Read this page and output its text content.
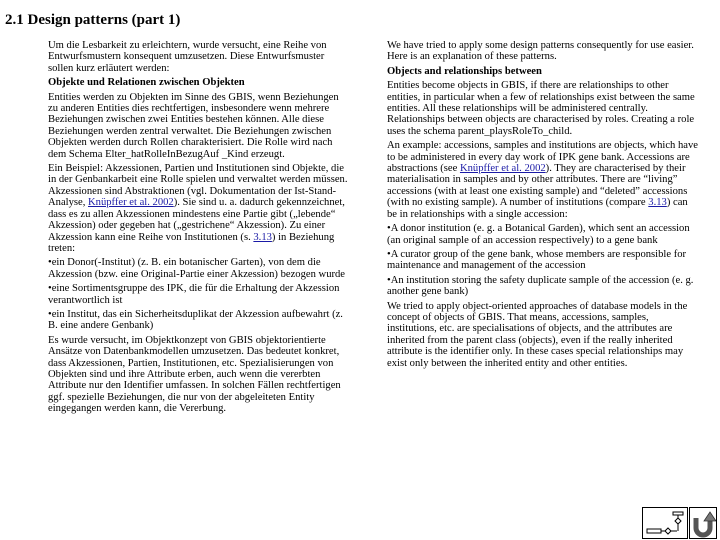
2.1 Design patterns (part 1)

Um die Lesbarkeit zu erleichtern, wurde versucht, eine Reihe von Entwurfsmustern konsequent umzusetzen. Diese Entwurfsmuster sollen kurz erläutert werden:

Objekte und Relationen zwischen Objekten

Entities werden zu Objekten im Sinne des GBIS, wenn Beziehungen zu anderen Entities dies rechtfertigen, insbesondere wenn mehrere Beziehungen zwischen zwei Entities bestehen können. Alle diese Beziehungen werden zentral verwaltet. Die Beziehungen zwischen Objekten werden durch Rollen charakterisiert. Die Rolle wird nach dem Schema Elter_hatRolleInBezugAuf _Kind erzeugt.

Ein Beispiel: Akzessionen, Partien und Institutionen sind Objekte, die in der Genbankarbeit eine Rolle spielen und verwaltet werden müssen. Akzessionen sind Abstraktionen (vgl. Dokumentation der Ist-Stand-Analyse, Knüpffer et al. 2002). Sie sind u. a. dadurch gekennzeichnet, dass es zu allen Akzessionen mindestens eine Partie gibt („lebende“ Akzession) oder gegeben hat („gestrichene“ Akzession). Zu einer Akzession kann eine Reihe von Institutionen (s. 3.13) in Beziehung treten:

•ein Donor(-Institut) (z. B. ein botanischer Garten), von dem die Akzession (bzw. eine Original-Partie einer Akzession) bezogen wurde

•eine Sortimentsgruppe des IPK, die für die Erhaltung der Akzession verantwortlich ist

•ein Institut, das ein Sicherheitsduplikat der Akzession aufbewahrt (z. B. eine andere Genbank)

Es wurde versucht, im Objektkonzept von GBIS objektorientierte Ansätze von Datenbankmodellen umzusetzen. Das bedeutet konkret, dass Akzessionen, Partien, Institutionen, etc. Spezialisierungen von Objekten sind und ihre Attribute erben, auch wenn die vererbten Attribute nur den Identifier umfassen. In solchen Fällen rechtfertigen ggf. spezielle Beziehungen, die nur von der abgeleiteten Entity eingegangen werden kann, die Vererbung.

We have tried to apply some design patterns consequently for use easier. Here is an explanation of these patterns.

Objects and relationships between

Entities become objects in GBIS, if there are relationships to other entities, in particular when a few of relationships exist between the same entities. All these relationships will be administered centrally. Relationships between objects are characterised by roles. Creating a role uses the schema parent_playsRoleTo_child.

An example: accessions, samples and institutions are objects, which have to be administered in every day work of IPK gene bank. Accessions are abstractions (see Knüpffer et al. 2002). They are characterised by their materialisation in samples and by other attributes. There are “living” accessions (with at least one existing sample) and “deleted” accessions (with no existing sample). A number of institutions (compare 3.13) can be in relationships with a single accession:

•A donor institution (e. g. a Botanical Garden), which sent an accession (an original sample of an accession respectively) to a gene bank

•A curator group of the gene bank, whose members are responsible for maintenance and management of the accession

•An institution storing the safety duplicate sample of the accession (e. g. another gene bank)

We tried to apply object-oriented approaches of database models in the concept of objects of GBIS. That means, accessions, samples, institutions, etc. are specialisations of objects, and the attributes are inherited from the parent class (objects), even if the really inherited attribute is the identifier only. In these cases special relationships may exist only between the inherited entity and other entities.
